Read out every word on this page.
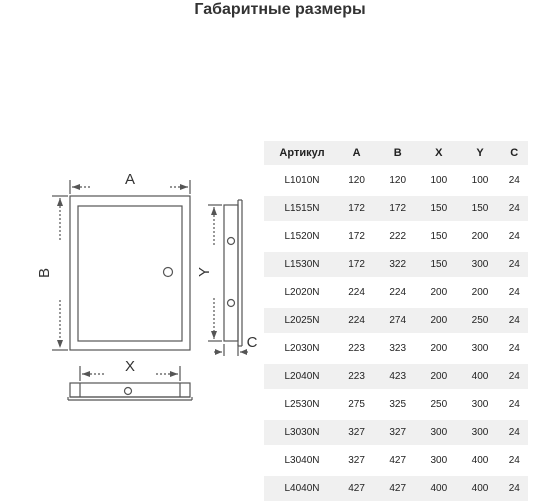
Габаритные размеры
A
B
X
Y
C
Артикул	A	B	X	Y	C
L1010N	120	120	100	100	24
L1515N	172	172	150	150	24
L1520N	172	222	150	200	24
L1530N	172	322	150	300	24
L2020N	224	224	200	200	24
L2025N	224	274	200	250	24
L2030N	223	323	200	300	24
L2040N	223	423	200	400	24
L2530N	275	325	250	300	24
L3030N	327	327	300	300	24
L3040N	327	427	300	400	24
L4040N	427	427	400	400	24
